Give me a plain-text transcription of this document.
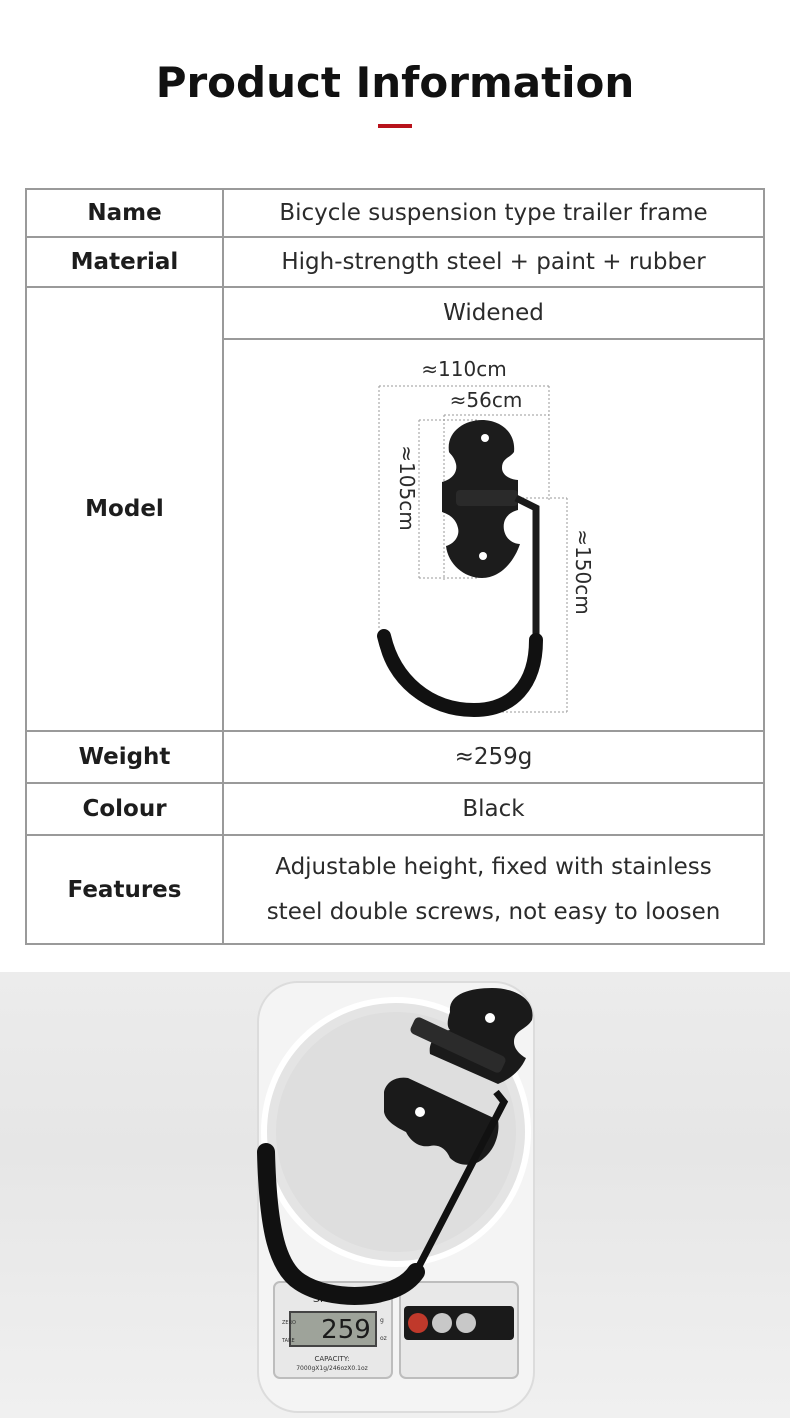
Product Information
Name	Bicycle suspension type trailer frame
Material	High-strength steel + paint + rubber
Model	Widened

≈110cm
≈56cm
≈105cm
≈150cm

Weight	≈259g
Colour	Black
Features	Adjustable height, fixed with stainless
steel double screws, not easy to loosen
SF-400
259
ZERO
TARE
g
oz
CAPACITY:
7000gX1g/246ozX0.1oz
